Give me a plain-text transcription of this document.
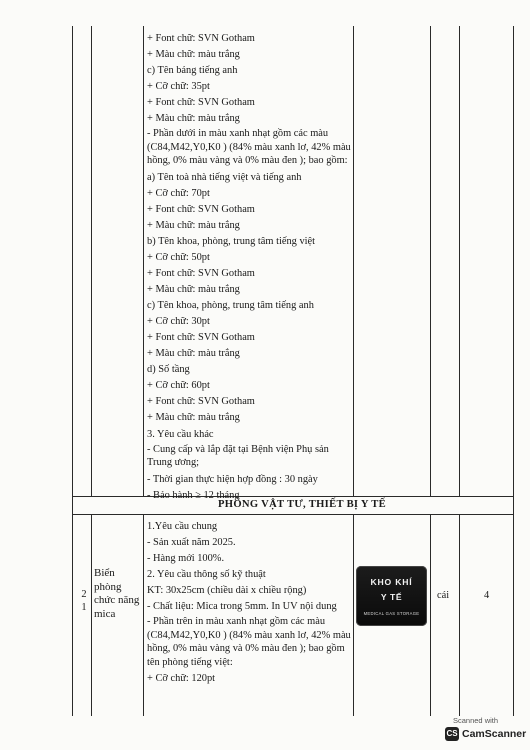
+ Font chữ: SVN Gotham
+ Màu chữ: màu trắng
c) Tên bảng tiếng anh
+ Cỡ chữ: 35pt
+ Font chữ: SVN Gotham
+ Màu chữ: màu trắng
- Phần dưới in màu xanh nhạt gồm các màu (C84,M42,Y0,K0 ) (84% màu xanh lơ, 42% màu hồng, 0% màu vàng và 0% màu đen ); bao gồm:
a) Tên toà nhà tiếng việt và tiếng anh
+ Cỡ chữ: 70pt
+ Font chữ: SVN Gotham
+ Màu chữ: màu trắng
b) Tên khoa, phòng, trung tâm tiếng việt
+ Cỡ chữ: 50pt
+ Font chữ: SVN Gotham
+ Màu chữ: màu trắng
c) Tên khoa, phòng, trung tâm tiếng anh
+ Cỡ chữ: 30pt
+ Font chữ: SVN Gotham
+ Màu chữ: màu trắng
d) Số tầng
+ Cỡ chữ: 60pt
+ Font chữ: SVN Gotham
+ Màu chữ: màu trắng
3. Yêu cầu khác
- Cung cấp và lắp đặt tại Bệnh viện Phụ sản Trung ương;
- Thời gian thực hiện hợp đồng : 30 ngày
- Bảo hành ≥ 12 tháng
PHÒNG VẬT TƯ, THIẾT BỊ Y TẾ
2 1
Biển phòng chức năng mica
1.Yêu cầu chung
- Sản xuất năm 2025.
- Hàng mới 100%.
2. Yêu cầu thông số kỹ thuật
KT: 30x25cm (chiều dài x chiều rộng)
- Chất liệu: Mica trong 5mm. In UV nội dung
- Phần trên in màu xanh nhạt gồm các màu (C84,M42,Y0,K0 ) (84% màu xanh lơ, 42% màu hồng, 0% màu vàng và 0% màu đen ); bao gồm tên phòng tiếng việt:
+ Cỡ chữ: 120pt
KHO KHÍ
Y TẾ
MEDICAL GAS STORAGE
cái	4
Scanned with
CS CamScanner
